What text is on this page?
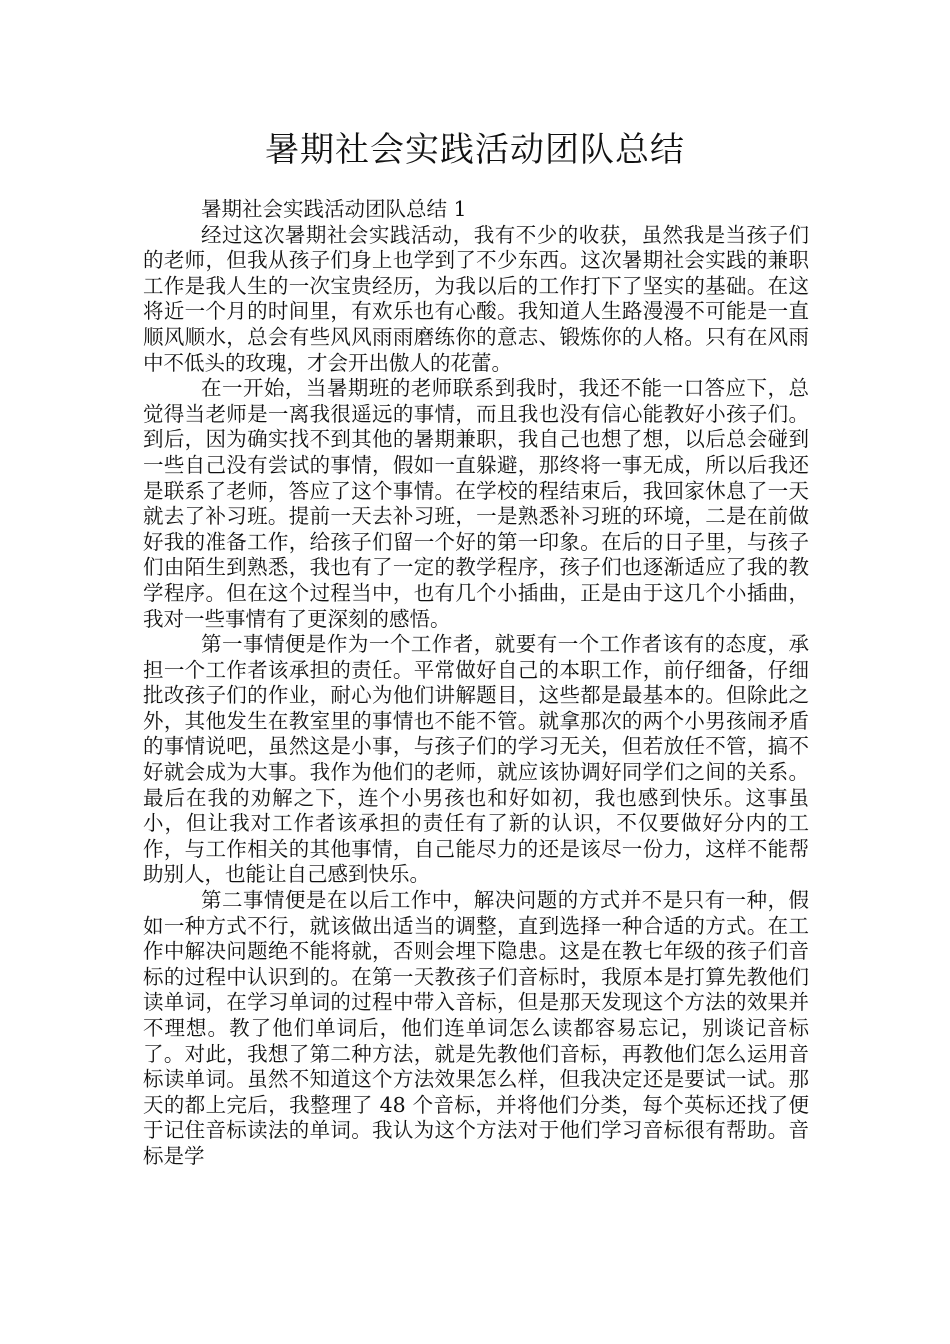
暑期社会实践活动团队总结

暑期社会实践活动团队总结 1

经过这次暑期社会实践活动，我有不少的收获，虽然我是当孩子们的老师，但我从孩子们身上也学到了不少东西。这次暑期社会实践的兼职工作是我人生的一次宝贵经历，为我以后的工作打下了坚实的基础。在这将近一个月的时间里，有欢乐也有心酸。我知道人生路漫漫不可能是一直顺风顺水，总会有些风风雨雨磨练你的意志、锻炼你的人格。只有在风雨中不低头的玫瑰，才会开出傲人的花蕾。

在一开始，当暑期班的老师联系到我时，我还不能一口答应下，总觉得当老师是一离我很遥远的事情，而且我也没有信心能教好小孩子们。到后，因为确实找不到其他的暑期兼职，我自己也想了想，以后总会碰到一些自己没有尝试的事情，假如一直躲避，那终将一事无成，所以后我还是联系了老师，答应了这个事情。在学校的程结束后，我回家休息了一天就去了补习班。提前一天去补习班，一是熟悉补习班的环境，二是在前做好我的准备工作，给孩子们留一个好的第一印象。在后的日子里，与孩子们由陌生到熟悉，我也有了一定的教学程序，孩子们也逐渐适应了我的教学程序。但在这个过程当中，也有几个小插曲，正是由于这几个小插曲，我对一些事情有了更深刻的感悟。

第一事情便是作为一个工作者，就要有一个工作者该有的态度，承担一个工作者该承担的责任。平常做好自己的本职工作，前仔细备，仔细批改孩子们的作业，耐心为他们讲解题目，这些都是最基本的。但除此之外，其他发生在教室里的事情也不能不管。就拿那次的两个小男孩闹矛盾的事情说吧，虽然这是小事，与孩子们的学习无关，但若放任不管，搞不好就会成为大事。我作为他们的老师，就应该协调好同学们之间的关系。最后在我的劝解之下，连个小男孩也和好如初，我也感到快乐。这事虽小，但让我对工作者该承担的责任有了新的认识，不仅要做好分内的工作，与工作相关的其他事情，自己能尽力的还是该尽一份力，这样不能帮助别人，也能让自己感到快乐。

第二事情便是在以后工作中，解决问题的方式并不是只有一种，假如一种方式不行，就该做出适当的调整，直到选择一种合适的方式。在工作中解决问题绝不能将就，否则会埋下隐患。这是在教七年级的孩子们音标的过程中认识到的。在第一天教孩子们音标时，我原本是打算先教他们读单词，在学习单词的过程中带入音标，但是那天发现这个方法的效果并不理想。教了他们单词后，他们连单词怎么读都容易忘记，别谈记音标了。对此，我想了第二种方法，就是先教他们音标，再教他们怎么运用音标读单词。虽然不知道这个方法效果怎么样，但我决定还是要试一试。那天的都上完后，我整理了 48 个音标，并将他们分类，每个英标还找了便于记住音标读法的单词。我认为这个方法对于他们学习音标很有帮助。音标是学
